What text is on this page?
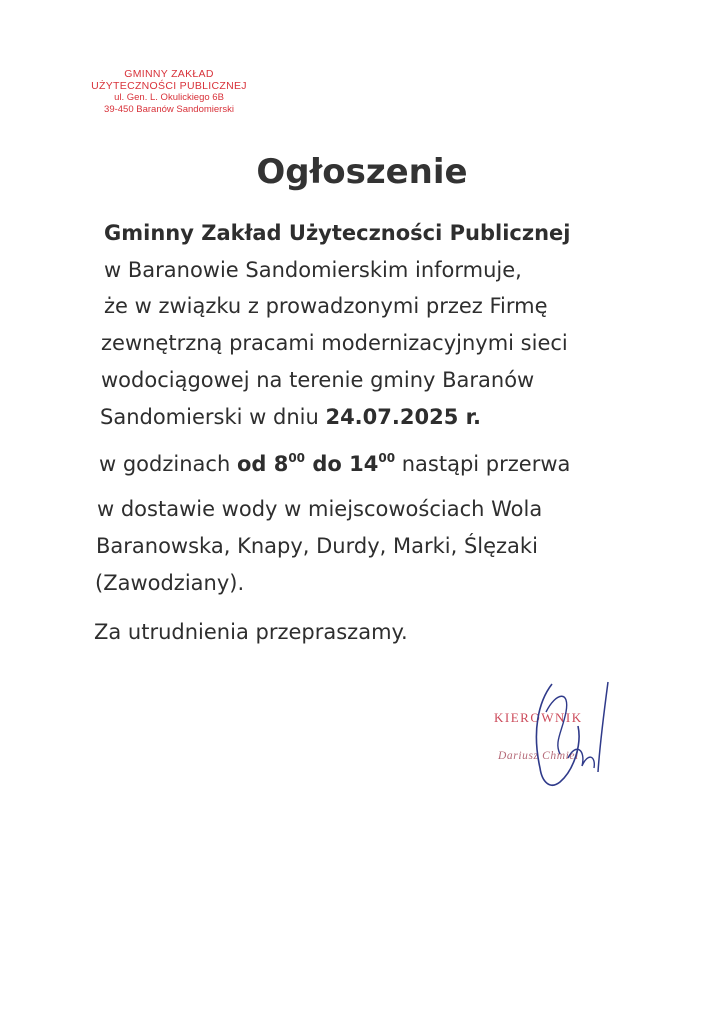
GMINNY ZAKŁAD
UŻYTECZNOŚCI PUBLICZNEJ
ul. Gen. L. Okulickiego 6B
39-450 Baranów Sandomierski
Ogłoszenie
Gminny Zakład Użyteczności Publicznej
w Baranowie Sandomierskim informuje,
że w związku z prowadzonymi przez Firmę
zewnętrzną pracami modernizacyjnymi sieci
wodociągowej na terenie gminy Baranów
Sandomierski w dniu 24.07.2025 r.
w godzinach od $8^{00}$ do $14^{00}$ nastąpi przerwa
w dostawie wody w miejscowościach Wola
Baranowska, Knapy, Durdy, Marki, Ślęzaki
(Zawodziany).
Za utrudnienia przepraszamy.
KIEROWNIK
Dariusz Chmiel
